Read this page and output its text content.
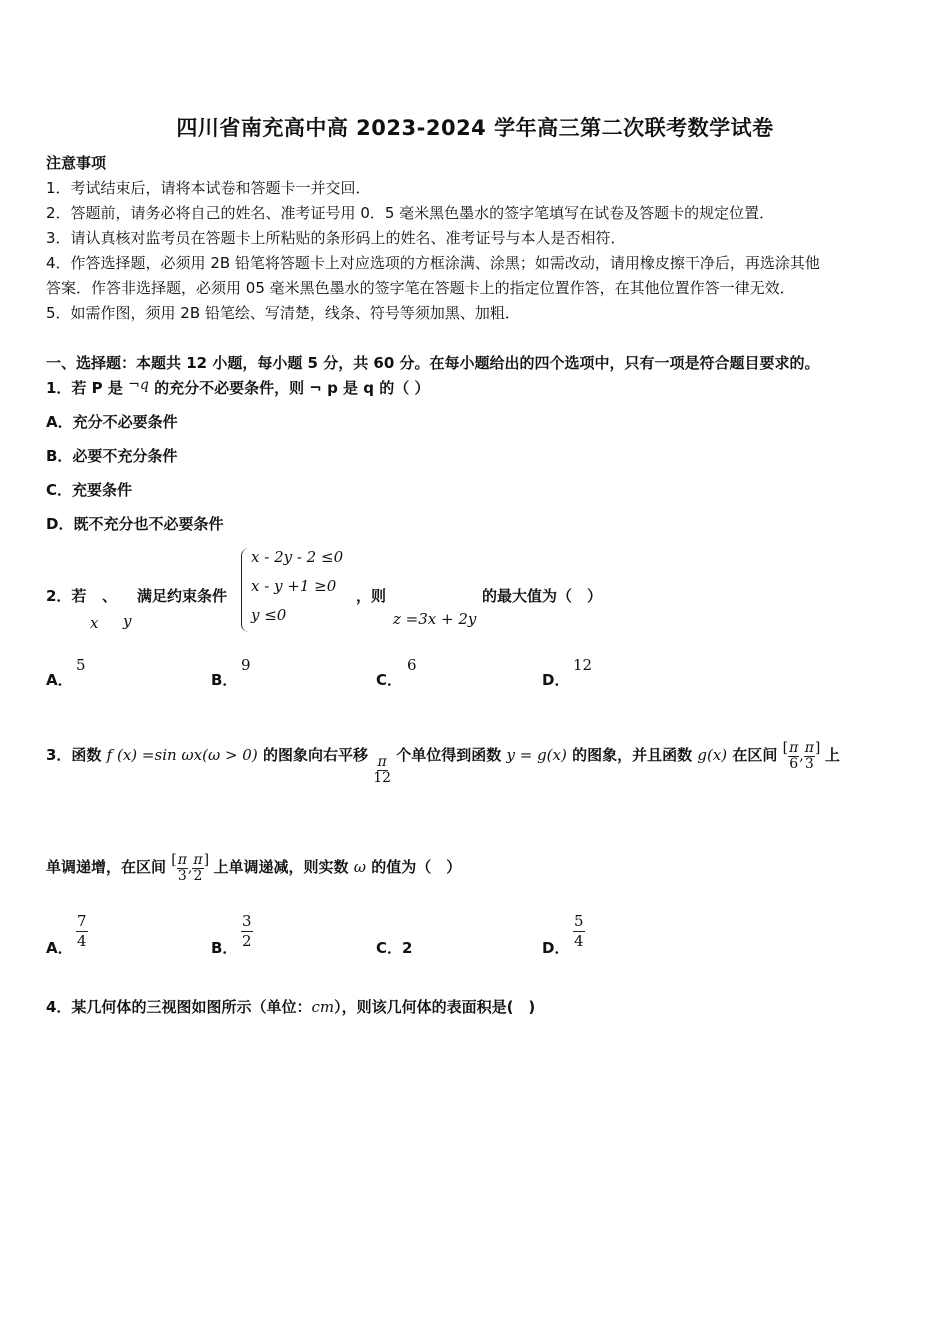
四川省南充高中高 2023-2024 学年高三第二次联考数学试卷
注意事项
1．考试结束后，请将本试卷和答题卡一并交回．
2．答题前，请务必将自己的姓名、准考证号用 0．5 毫米黑色墨水的签字笔填写在试卷及答题卡的规定位置．
3．请认真核对监考员在答题卡上所粘贴的条形码上的姓名、准考证号与本人是否相符．
4．作答选择题，必须用 2B 铅笔将答题卡上对应选项的方框涂满、涂黑；如需改动，请用橡皮擦干净后，再选涂其他
答案．作答非选择题，必须用 05 毫米黑色墨水的签字笔在答题卡上的指定位置作答，在其他位置作答一律无效．
5．如需作图，须用 2B 铅笔绘、写清楚，线条、符号等须加黑、加粗．
一、选择题：本题共 12 小题，每小题 5 分，共 60 分。在每小题给出的四个选项中，只有一项是符合题目要求的。
1．若 P 是 ¬q 的充分不必要条件，则 ¬ p 是 q 的（ ）
A．充分不必要条件
B．必要不充分条件
C．充要条件
D．既不充分也不必要条件
2．若 、
x y
满足约束条件
x - 2y - 2 ≤0
x - y +1 ≥0
y ≤0
，则
z =3x + 2y
的最大值为（　）
A．
5
B．
9
C．
6
D．
12
3．函数 f (x) =sin ωx(ω > 0) 的图象向右平移 $\frac{\pi}{12}$ 个单位得到函数 y = g(x) 的图象，并且函数 g(x) 在区间 [ $\frac{\pi}{6}$ , $\frac{\pi}{3}$ ] 上
单调递增，在区间 [ $\frac{\pi}{3}$ , $\frac{\pi}{2}$ ] 上单调递减，则实数 ω 的值为（　）
A． $\frac{7}{4}$	B． $\frac{3}{2}$	C．2	D． $\frac{5}{4}$
4．某几何体的三视图如图所示（单位：cm），则该几何体的表面积是(　)
